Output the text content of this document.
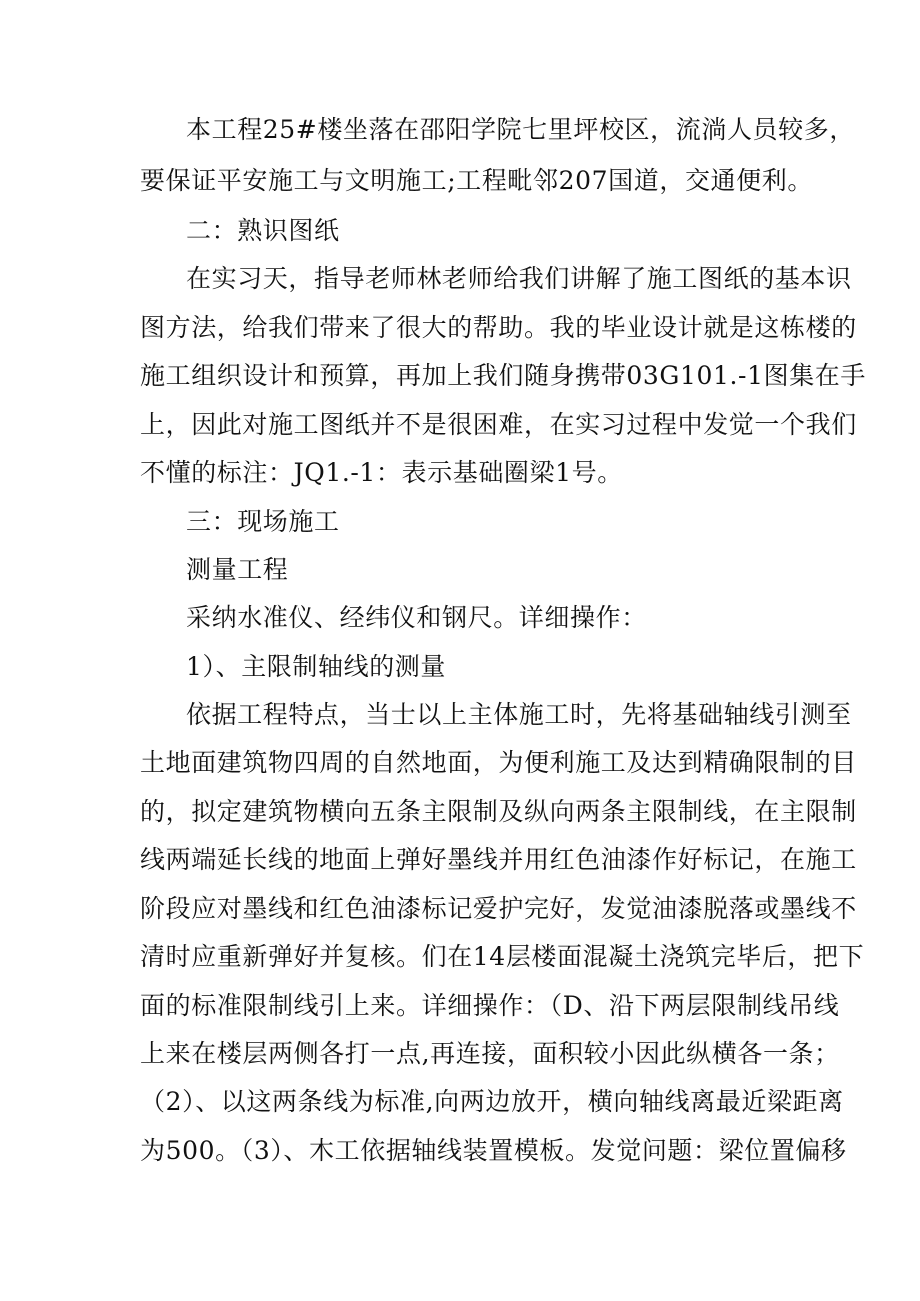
本工程25#楼坐落在邵阳学院七里坪校区，流淌人员较多，
要保证平安施工与文明施工;工程毗邻207国道，交通便利。
二：熟识图纸
在实习天，指导老师林老师给我们讲解了施工图纸的基本识
图方法，给我们带来了很大的帮助。我的毕业设计就是这栋楼的
施工组织设计和预算，再加上我们随身携带03G101.-1图集在手
上，因此对施工图纸并不是很困难，在实习过程中发觉一个我们
不懂的标注：JQ1.-1：表示基础圈梁1号。
三：现场施工
测量工程
采纳水准仪、经纬仪和钢尺。详细操作：
1）、主限制轴线的测量
依据工程特点，当士以上主体施工时，先将基础轴线引测至
土地面建筑物四周的自然地面，为便利施工及达到精确限制的目
的，拟定建筑物横向五条主限制及纵向两条主限制线，在主限制
线两端延长线的地面上弹好墨线并用红色油漆作好标记，在施工
阶段应对墨线和红色油漆标记爱护完好，发觉油漆脱落或墨线不
清时应重新弹好并复核。们在14层楼面混凝土浇筑完毕后，把下
面的标准限制线引上来。详细操作：（D、沿下两层限制线吊线
上来在楼层两侧各打一点,再连接，面积较小因此纵横各一条；
（2）、以这两条线为标准,向两边放开，横向轴线离最近梁距离
为500。（3）、木工依据轴线装置模板。发觉问题：梁位置偏移
